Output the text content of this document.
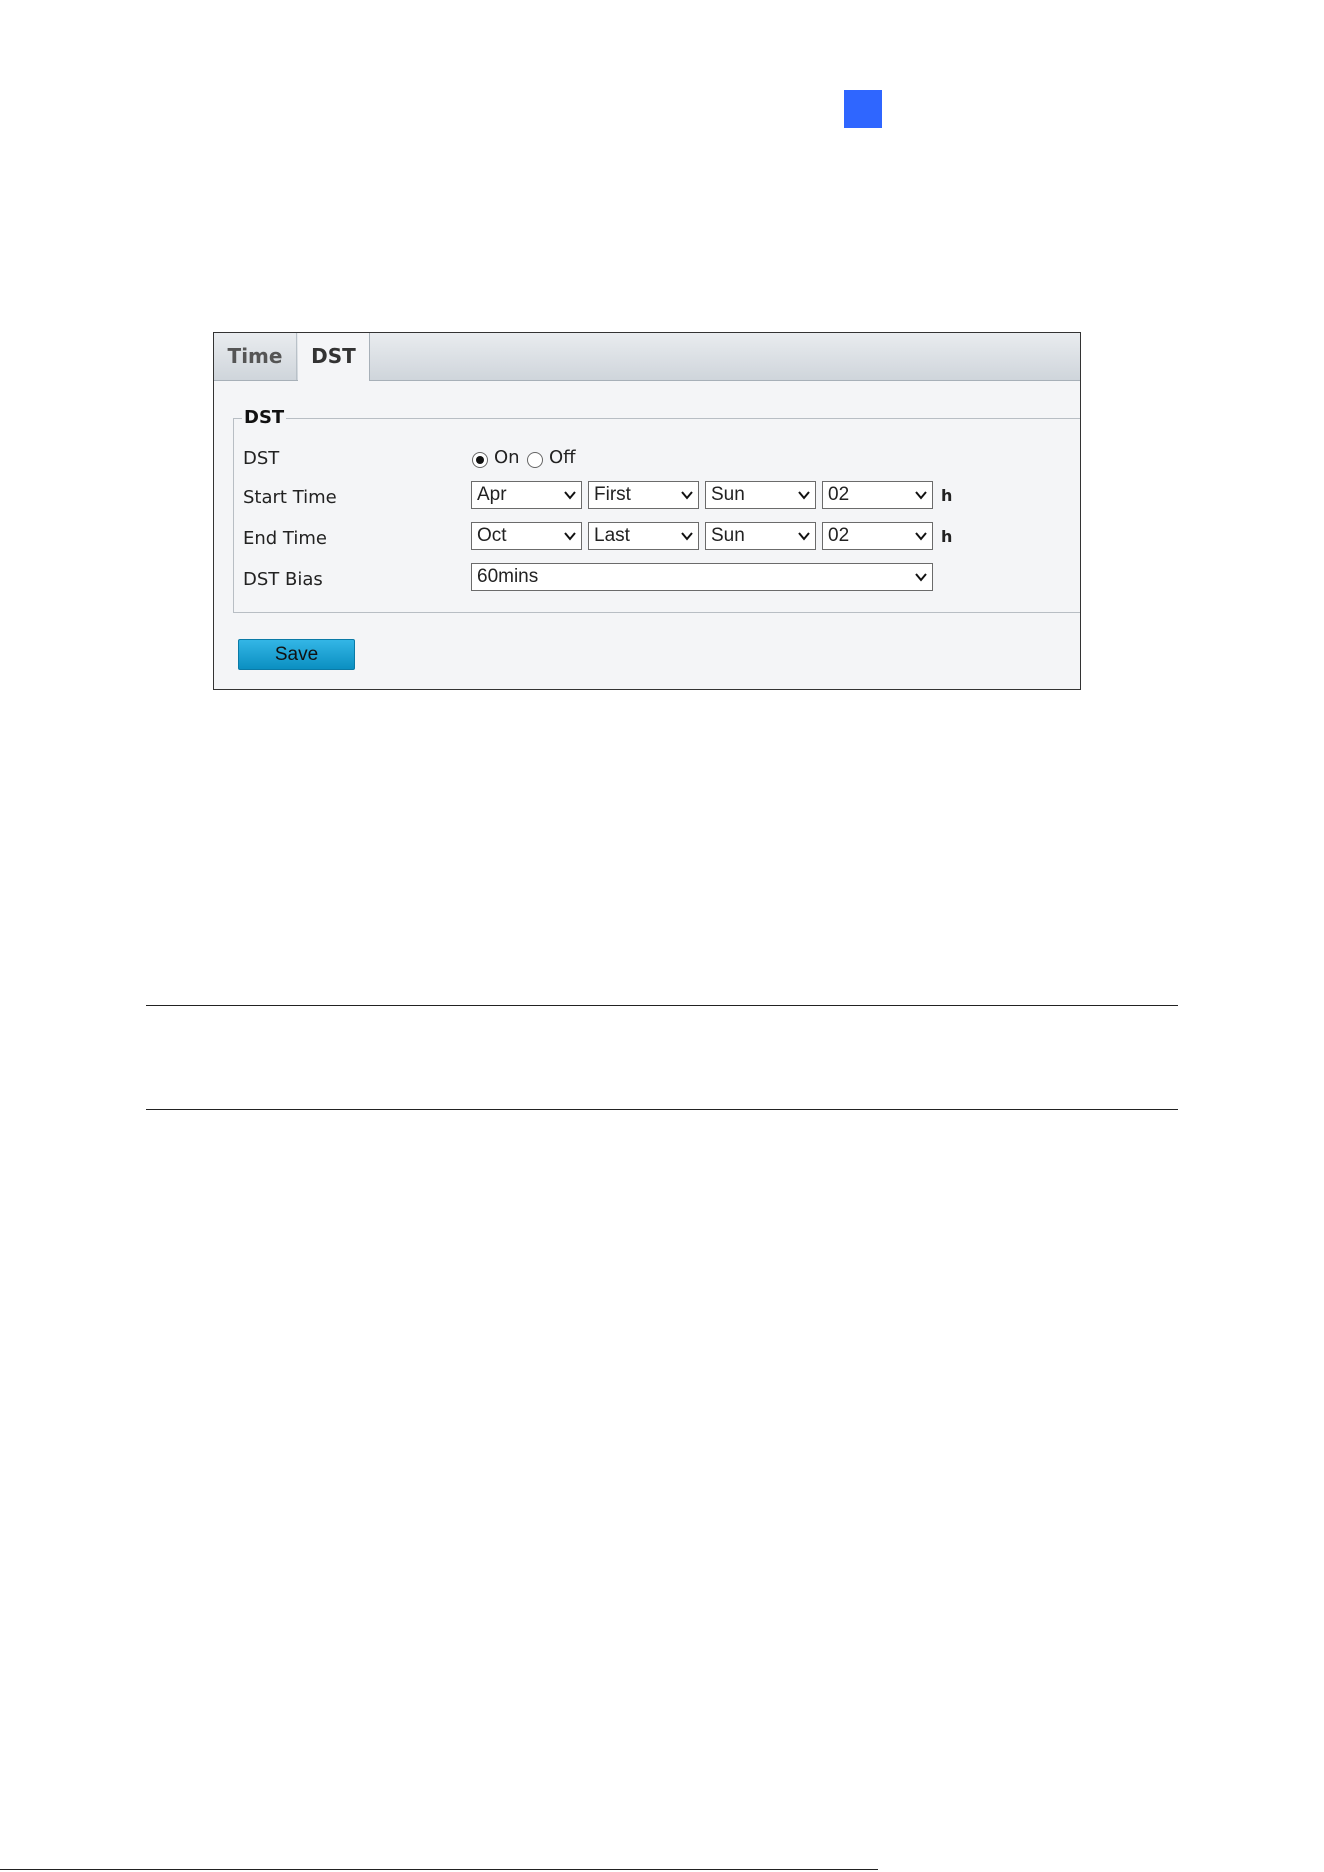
Time	DST
DST
DST	On Off
Start Time	Apr	First	Sun	02	h
End Time	Oct	Last	Sun	02	h
DST Bias	60mins
Save
